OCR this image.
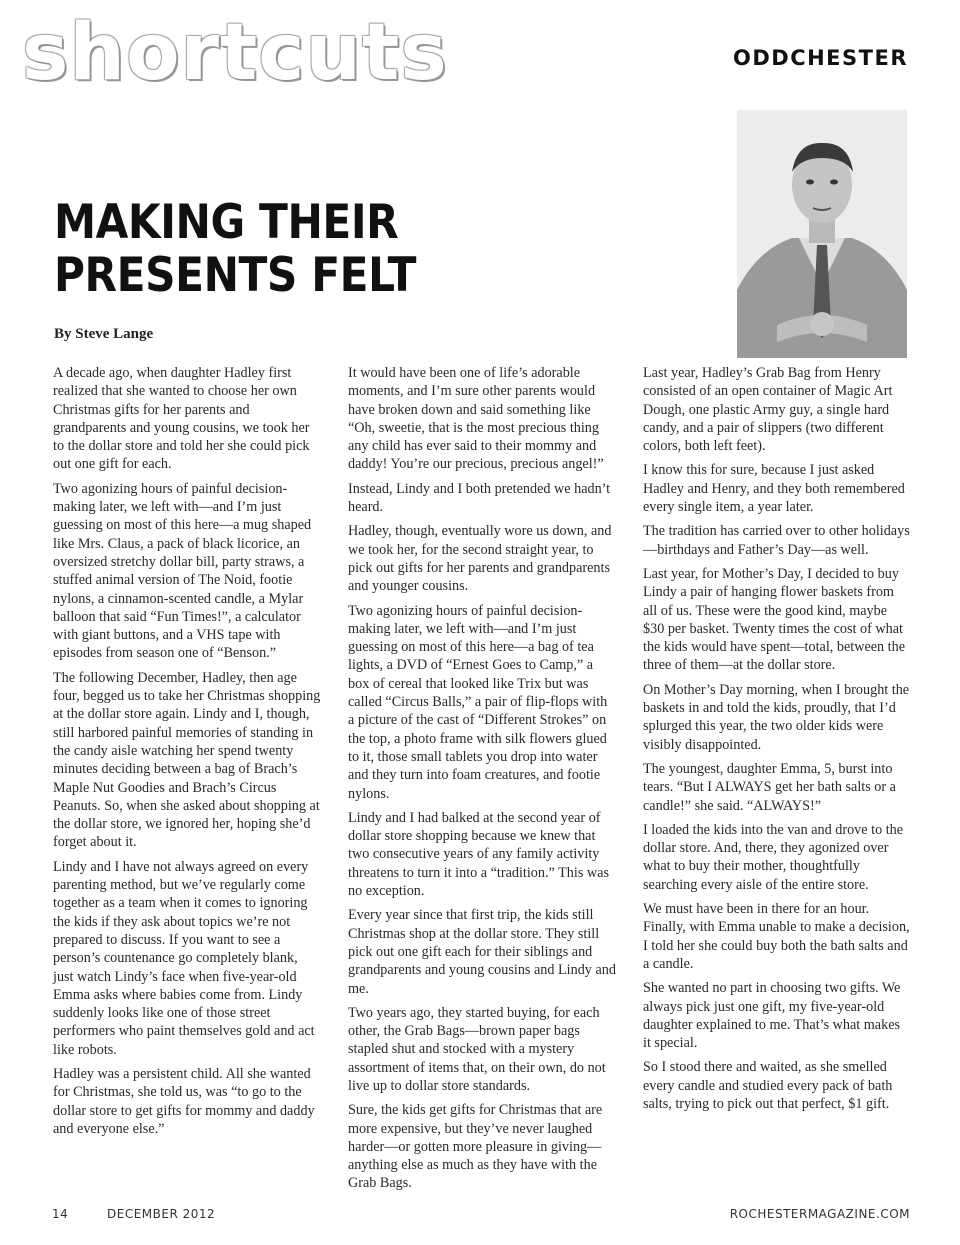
shortcuts	ODDCHESTER
MAKING THEIR
PRESENTS FELT
By Steve Lange

A decade ago, when daughter Hadley first realized that she wanted to choose her own Christmas gifts for her parents and grandparents and young cousins, we took her to the dollar store and told her she could pick out one gift for each.

Two agonizing hours of painful decision-making later, we left with—and I’m just guessing on most of this here—a mug shaped like Mrs. Claus, a pack of black licorice, an oversized stretchy dollar bill, party straws, a stuffed animal version of The Noid, footie nylons, a cinnamon-scented candle, a Mylar balloon that said “Fun Times!”, a calculator with giant buttons, and a VHS tape with episodes from season one of “Benson.”

The following December, Hadley, then age four, begged us to take her Christmas shopping at the dollar store again. Lindy and I, though, still harbored painful memories of standing in the candy aisle watching her spend twenty minutes deciding between a bag of Brach’s Maple Nut Goodies and Brach’s Circus Peanuts. So, when she asked about shopping at the dollar store, we ignored her, hoping she’d forget about it.

Lindy and I have not always agreed on every parenting method, but we’ve regularly come together as a team when it comes to ignoring the kids if they ask about topics we’re not prepared to discuss. If you want to see a person’s countenance go completely blank, just watch Lindy’s face when five-year-old Emma asks where babies come from. Lindy suddenly looks like one of those street performers who paint themselves gold and act like robots.

Hadley was a persistent child. All she wanted for Christmas, she told us, was “to go to the dollar store to get gifts for mommy and daddy and everyone else.”

It would have been one of life’s adorable moments, and I’m sure other parents would have broken down and said something like “Oh, sweetie, that is the most precious thing any child has ever said to their mommy and daddy! You’re our precious, precious angel!”

Instead, Lindy and I both pretended we hadn’t heard.

Hadley, though, eventually wore us down, and we took her, for the second straight year, to pick out gifts for her parents and grandparents and younger cousins.

Two agonizing hours of painful decision-making later, we left with—and I’m just guessing on most of this here—a bag of tea lights, a DVD of “Ernest Goes to Camp,” a box of cereal that looked like Trix but was called “Circus Balls,” a pair of flip-flops with a picture of the cast of “Different Strokes” on the top, a photo frame with silk flowers glued to it, those small tablets you drop into water and they turn into foam creatures, and footie nylons.

Lindy and I had balked at the second year of dollar store shopping because we knew that two consecutive years of any family activity threatens to turn it into a “tradition.” This was no exception.

Every year since that first trip, the kids still Christmas shop at the dollar store. They still pick out one gift each for their siblings and grandparents and young cousins and Lindy and me.

Two years ago, they started buying, for each other, the Grab Bags—brown paper bags stapled shut and stocked with a mystery assortment of items that, on their own, do not live up to dollar store standards.

Sure, the kids get gifts for Christmas that are more expensive, but they’ve never laughed harder—or gotten more pleasure in giving—anything else as much as they have with the Grab Bags.

Last year, Hadley’s Grab Bag from Henry consisted of an open container of Magic Art Dough, one plastic Army guy, a single hard candy, and a pair of slippers (two different colors, both left feet).

I know this for sure, because I just asked Hadley and Henry, and they both remembered every single item, a year later.

The tradition has carried over to other holidays—birthdays and Father’s Day—as well.

Last year, for Mother’s Day, I decided to buy Lindy a pair of hanging flower baskets from all of us. These were the good kind, maybe $30 per basket. Twenty times the cost of what the kids would have spent—total, between the three of them—at the dollar store.

On Mother’s Day morning, when I brought the baskets in and told the kids, proudly, that I’d splurged this year, the two older kids were visibly disappointed.

The youngest, daughter Emma, 5, burst into tears. “But I ALWAYS get her bath salts or a candle!” she said. “ALWAYS!”

I loaded the kids into the van and drove to the dollar store. And, there, they agonized over what to buy their mother, thoughtfully searching every aisle of the entire store.

We must have been in there for an hour. Finally, with Emma unable to make a decision, I told her she could buy both the bath salts and a candle.

She wanted no part in choosing two gifts. We always pick just one gift, my five-year-old daughter explained to me. That’s what makes it special.

So I stood there and waited, as she smelled every candle and studied every pack of bath salts, trying to pick out that perfect, $1 gift.

14	DECEMBER 2012	ROCHESTERMAGAZINE.COM
